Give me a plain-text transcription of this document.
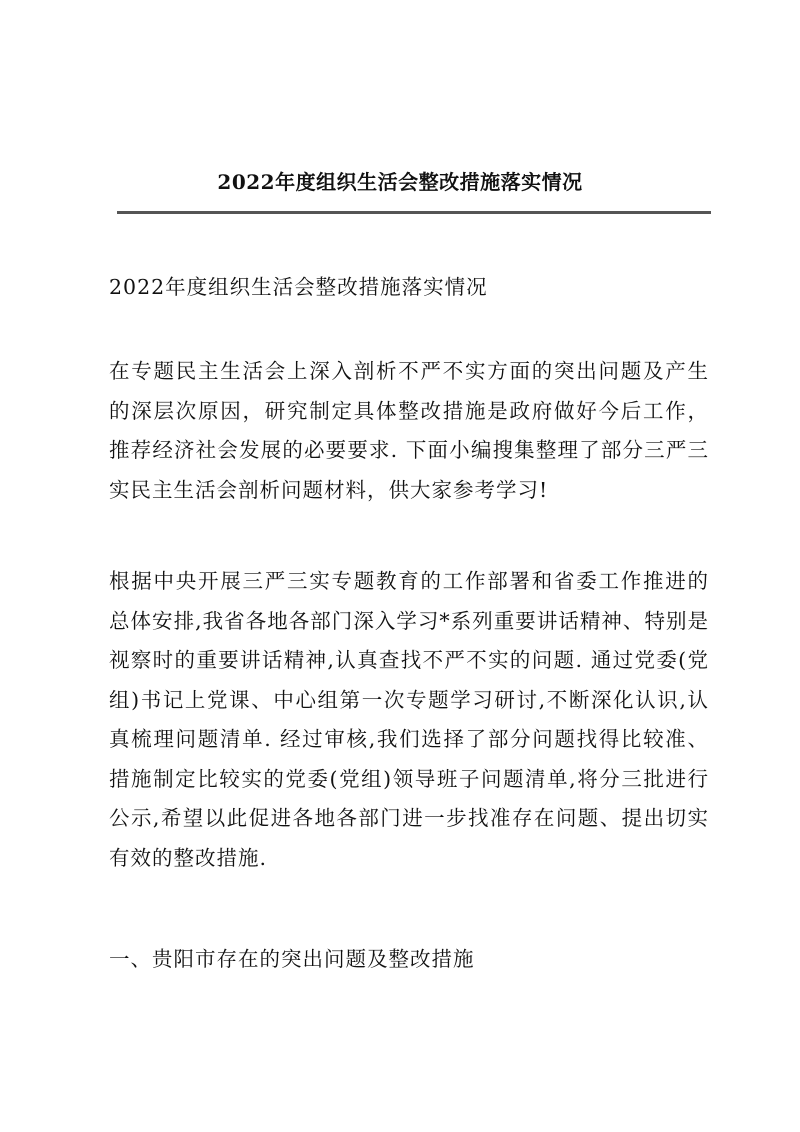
2022年度组织生活会整改措施落实情况

2022年度组织生活会整改措施落实情况

在专题民主生活会上深入剖析不严不实方面的突出问题及产生的深层次原因，研究制定具体整改措施是政府做好今后工作，推荐经济社会发展的必要要求. 下面小编搜集整理了部分三严三实民主生活会剖析问题材料，供大家参考学习!

根据中央开展三严三实专题教育的工作部署和省委工作推进的总体安排,我省各地各部门深入学习*系列重要讲话精神、特别是视察时的重要讲话精神,认真查找不严不实的问题. 通过党委(党组)书记上党课、中心组第一次专题学习研讨,不断深化认识,认真梳理问题清单. 经过审核,我们选择了部分问题找得比较准、措施制定比较实的党委(党组)领导班子问题清单,将分三批进行公示,希望以此促进各地各部门进一步找准存在问题、提出切实有效的整改措施.

一、贵阳市存在的突出问题及整改措施
